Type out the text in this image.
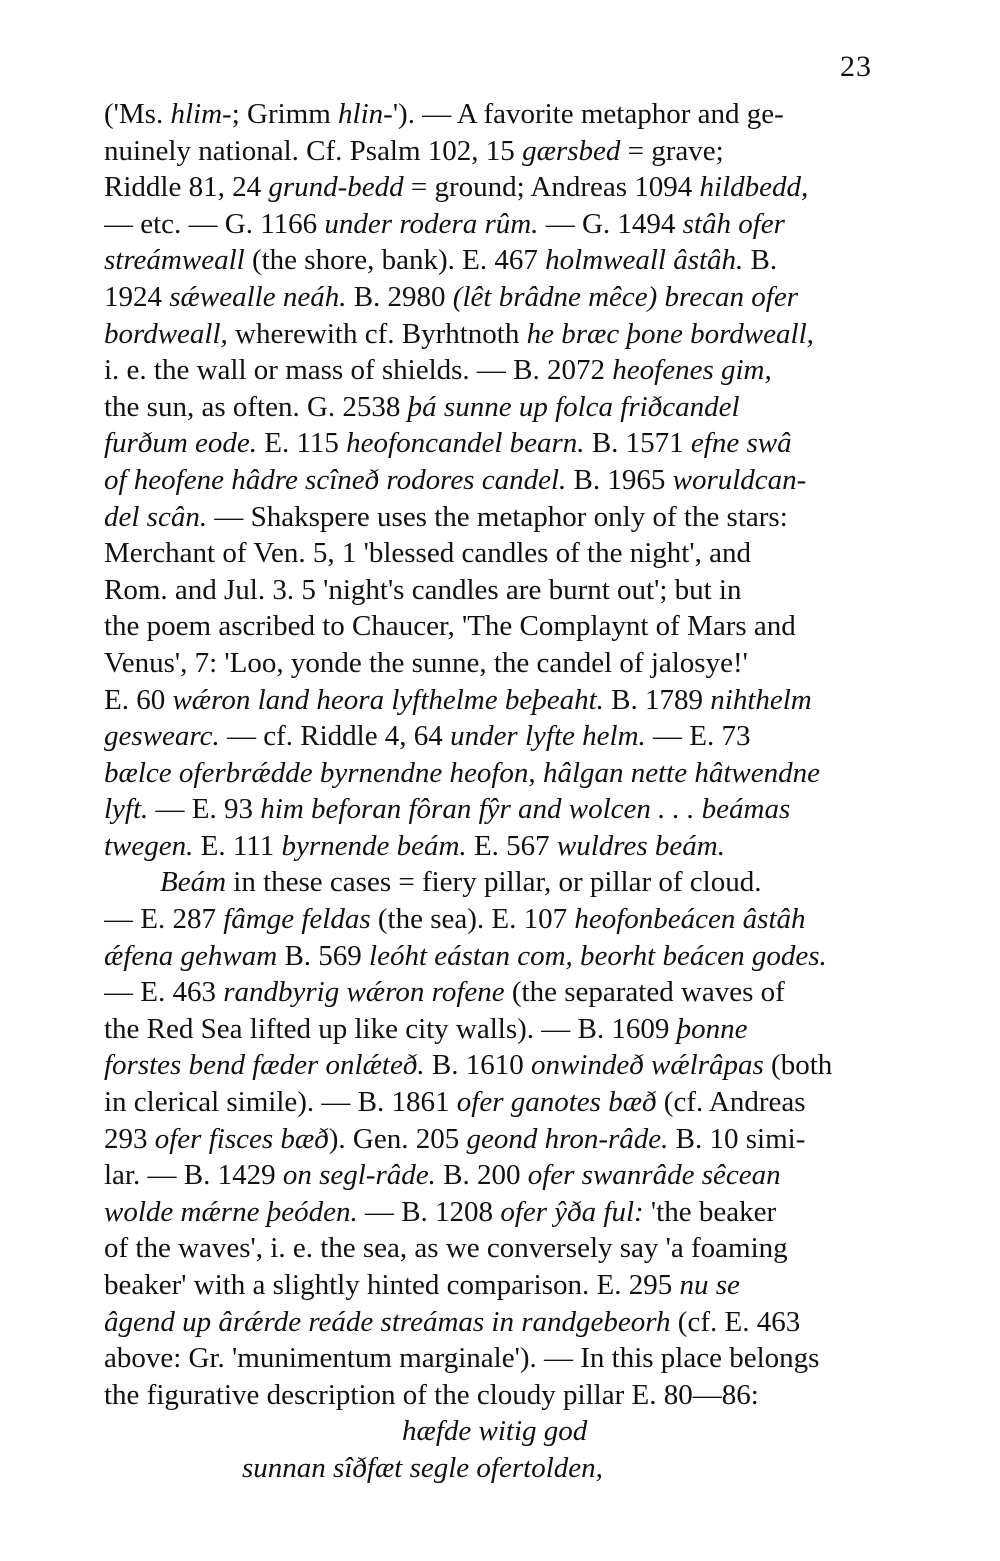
23
('Ms. hlim-; Grimm hlin-'). — A favorite metaphor and ge-
nuinely national. Cf. Psalm 102, 15 gærsbed = grave;
Riddle 81, 24 grund-bedd = ground; Andreas 1094 hildbedd,
— etc. — G. 1166 under rodera rûm. — G. 1494 stâh ofer
streámweall (the shore, bank). E. 467 holmweall âstâh. B.
1924 sǽwealle neáh. B. 2980 (lêt brâdne mêce) brecan ofer
bordweall, wherewith cf. Byrhtnoth he bræc þone bordweall,
i. e. the wall or mass of shields. — B. 2072 heofenes gim,
the sun, as often. G. 2538 þá sunne up folca friðcandel
furðum eode. E. 115 heofoncandel bearn. B. 1571 efne swâ
of heofene hâdre scîneð rodores candel. B. 1965 woruldcan-
del scân. — Shakspere uses the metaphor only of the stars:
Merchant of Ven. 5, 1 'blessed candles of the night', and
Rom. and Jul. 3. 5 'night's candles are burnt out'; but in
the poem ascribed to Chaucer, 'The Complaynt of Mars and
Venus', 7: 'Loo, yonde the sunne, the candel of jalosye!'
E. 60 wǽron land heora lyfthelme beþeaht. B. 1789 nihthelm
geswearc. — cf. Riddle 4, 64 under lyfte helm. — E. 73
bælce oferbrǽdde byrnendne heofon, hâlgan nette hâtwendne
lyft. — E. 93 him beforan fôran fŷr and wolcen . . . beámas
twegen. E. 111 byrnende beám. E. 567 wuldres beám.
Beám in these cases = fiery pillar, or pillar of cloud.
— E. 287 fâmge feldas (the sea). E. 107 heofonbeácen âstâh
ǽfena gehwam B. 569 leóht eástan com, beorht beácen godes.
— E. 463 randbyrig wǽron rofene (the separated waves of
the Red Sea lifted up like city walls). — B. 1609 þonne
forstes bend fæder onlǽteð. B. 1610 onwindeð wǽlrâpas (both
in clerical simile). — B. 1861 ofer ganotes bæð (cf. Andreas
293 ofer fisces bæð). Gen. 205 geond hron-râde. B. 10 simi-
lar. — B. 1429 on segl-râde. B. 200 ofer swanrâde sêcean
wolde mǽrne þeóden. — B. 1208 ofer ŷða ful: 'the beaker
of the waves', i. e. the sea, as we conversely say 'a foaming
beaker' with a slightly hinted comparison. E. 295 nu se
âgend up ârǽrde reáde streámas in randgebeorh (cf. E. 463
above: Gr. 'munimentum marginale'). — In this place belongs
the figurative description of the cloudy pillar E. 80—86:
hæfde witig god
sunnan sîðfæt segle ofertolden,
